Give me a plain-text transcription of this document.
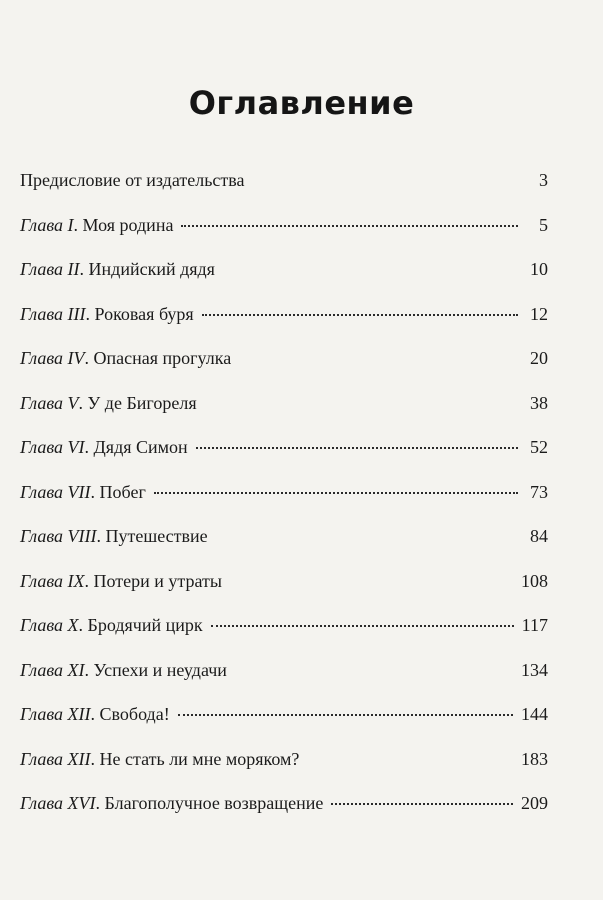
Оглавление
Предисловие от издательства	3
Глава I. Моя родина	5
Глава II. Индийский дядя	10
Глава III. Роковая буря	12
Глава IV. Опасная прогулка	20
Глава V. У де Бигореля	38
Глава VI. Дядя Симон	52
Глава VII. Побег	73
Глава VIII. Путешествие	84
Глава IX. Потери и утраты	108
Глава X. Бродячий цирк	117
Глава XI. Успехи и неудачи	134
Глава XII. Свобода!	144
Глава XII. Не стать ли мне моряком?	183
Глава XVI. Благополучное возвращение	209
